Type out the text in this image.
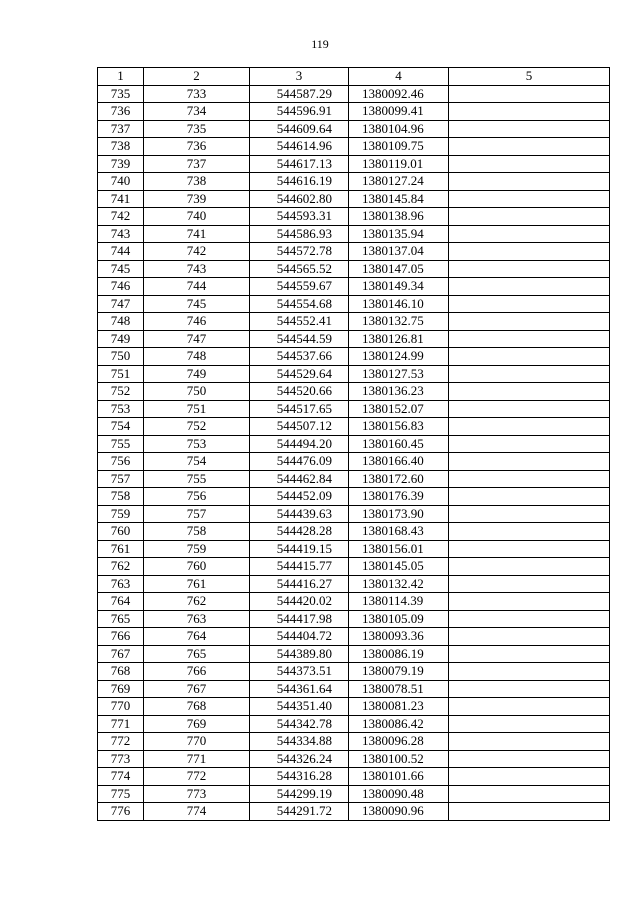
119
1	2	3	4	5
735	733	544587.29	1380092.46	
736	734	544596.91	1380099.41	
737	735	544609.64	1380104.96	
738	736	544614.96	1380109.75	
739	737	544617.13	1380119.01	
740	738	544616.19	1380127.24	
741	739	544602.80	1380145.84	
742	740	544593.31	1380138.96	
743	741	544586.93	1380135.94	
744	742	544572.78	1380137.04	
745	743	544565.52	1380147.05	
746	744	544559.67	1380149.34	
747	745	544554.68	1380146.10	
748	746	544552.41	1380132.75	
749	747	544544.59	1380126.81	
750	748	544537.66	1380124.99	
751	749	544529.64	1380127.53	
752	750	544520.66	1380136.23	
753	751	544517.65	1380152.07	
754	752	544507.12	1380156.83	
755	753	544494.20	1380160.45	
756	754	544476.09	1380166.40	
757	755	544462.84	1380172.60	
758	756	544452.09	1380176.39	
759	757	544439.63	1380173.90	
760	758	544428.28	1380168.43	
761	759	544419.15	1380156.01	
762	760	544415.77	1380145.05	
763	761	544416.27	1380132.42	
764	762	544420.02	1380114.39	
765	763	544417.98	1380105.09	
766	764	544404.72	1380093.36	
767	765	544389.80	1380086.19	
768	766	544373.51	1380079.19	
769	767	544361.64	1380078.51	
770	768	544351.40	1380081.23	
771	769	544342.78	1380086.42	
772	770	544334.88	1380096.28	
773	771	544326.24	1380100.52	
774	772	544316.28	1380101.66	
775	773	544299.19	1380090.48	
776	774	544291.72	1380090.96	
